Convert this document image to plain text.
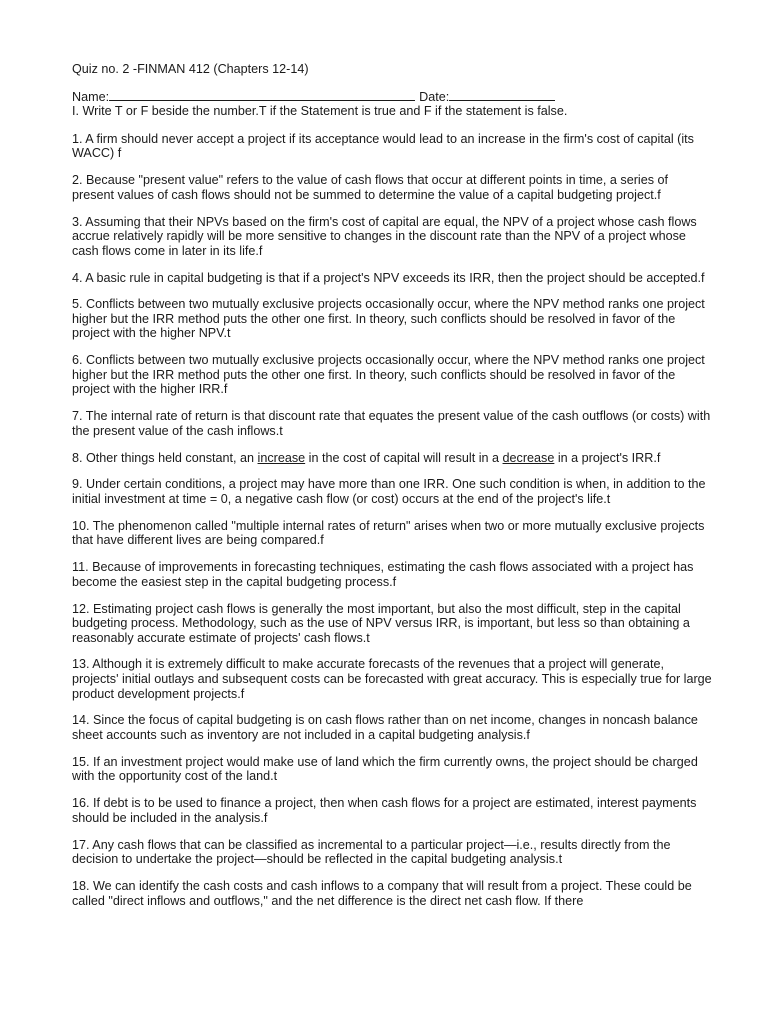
Quiz no. 2 -FINMAN 412 (Chapters 12-14)

Name:	Date:

I. Write T or F beside the number.T if the Statement is true and F if the statement is false.

1. A firm should never accept a project if its acceptance would lead to an increase in the firm's cost of capital (its WACC) f

2. Because "present value" refers to the value of cash flows that occur at different points in time, a series of present values of cash flows should not be summed to determine the value of a capital budgeting project.f

3. Assuming that their NPVs based on the firm's cost of capital are equal, the NPV of a project whose cash flows accrue relatively rapidly will be more sensitive to changes in the discount rate than the NPV of a project whose cash flows come in later in its life.f

4. A basic rule in capital budgeting is that if a project's NPV exceeds its IRR, then the project should be accepted.f

5. Conflicts between two mutually exclusive projects occasionally occur, where the NPV method ranks one project higher but the IRR method puts the other one first. In theory, such conflicts should be resolved in favor of the project with the higher NPV.t

6. Conflicts between two mutually exclusive projects occasionally occur, where the NPV method ranks one project higher but the IRR method puts the other one first. In theory, such conflicts should be resolved in favor of the project with the higher IRR.f

7. The internal rate of return is that discount rate that equates the present value of the cash outflows (or costs) with the present value of the cash inflows.t

8. Other things held constant, an increase in the cost of capital will result in a decrease in a project's IRR.f

9. Under certain conditions, a project may have more than one IRR. One such condition is when, in addition to the initial investment at time = 0, a negative cash flow (or cost) occurs at the end of the project's life.t

10. The phenomenon called "multiple internal rates of return" arises when two or more mutually exclusive projects that have different lives are being compared.f

11. Because of improvements in forecasting techniques, estimating the cash flows associated with a project has become the easiest step in the capital budgeting process.f

12. Estimating project cash flows is generally the most important, but also the most difficult, step in the capital budgeting process. Methodology, such as the use of NPV versus IRR, is important, but less so than obtaining a reasonably accurate estimate of projects' cash flows.t

13. Although it is extremely difficult to make accurate forecasts of the revenues that a project will generate, projects' initial outlays and subsequent costs can be forecasted with great accuracy. This is especially true for large product development projects.f

14. Since the focus of capital budgeting is on cash flows rather than on net income, changes in noncash balance sheet accounts such as inventory are not included in a capital budgeting analysis.f

15. If an investment project would make use of land which the firm currently owns, the project should be charged with the opportunity cost of the land.t

16. If debt is to be used to finance a project, then when cash flows for a project are estimated, interest payments should be included in the analysis.f

17. Any cash flows that can be classified as incremental to a particular project—i.e., results directly from the decision to undertake the project—should be reflected in the capital budgeting analysis.t

18. We can identify the cash costs and cash inflows to a company that will result from a project. These could be called "direct inflows and outflows," and the net difference is the direct net cash flow. If there
